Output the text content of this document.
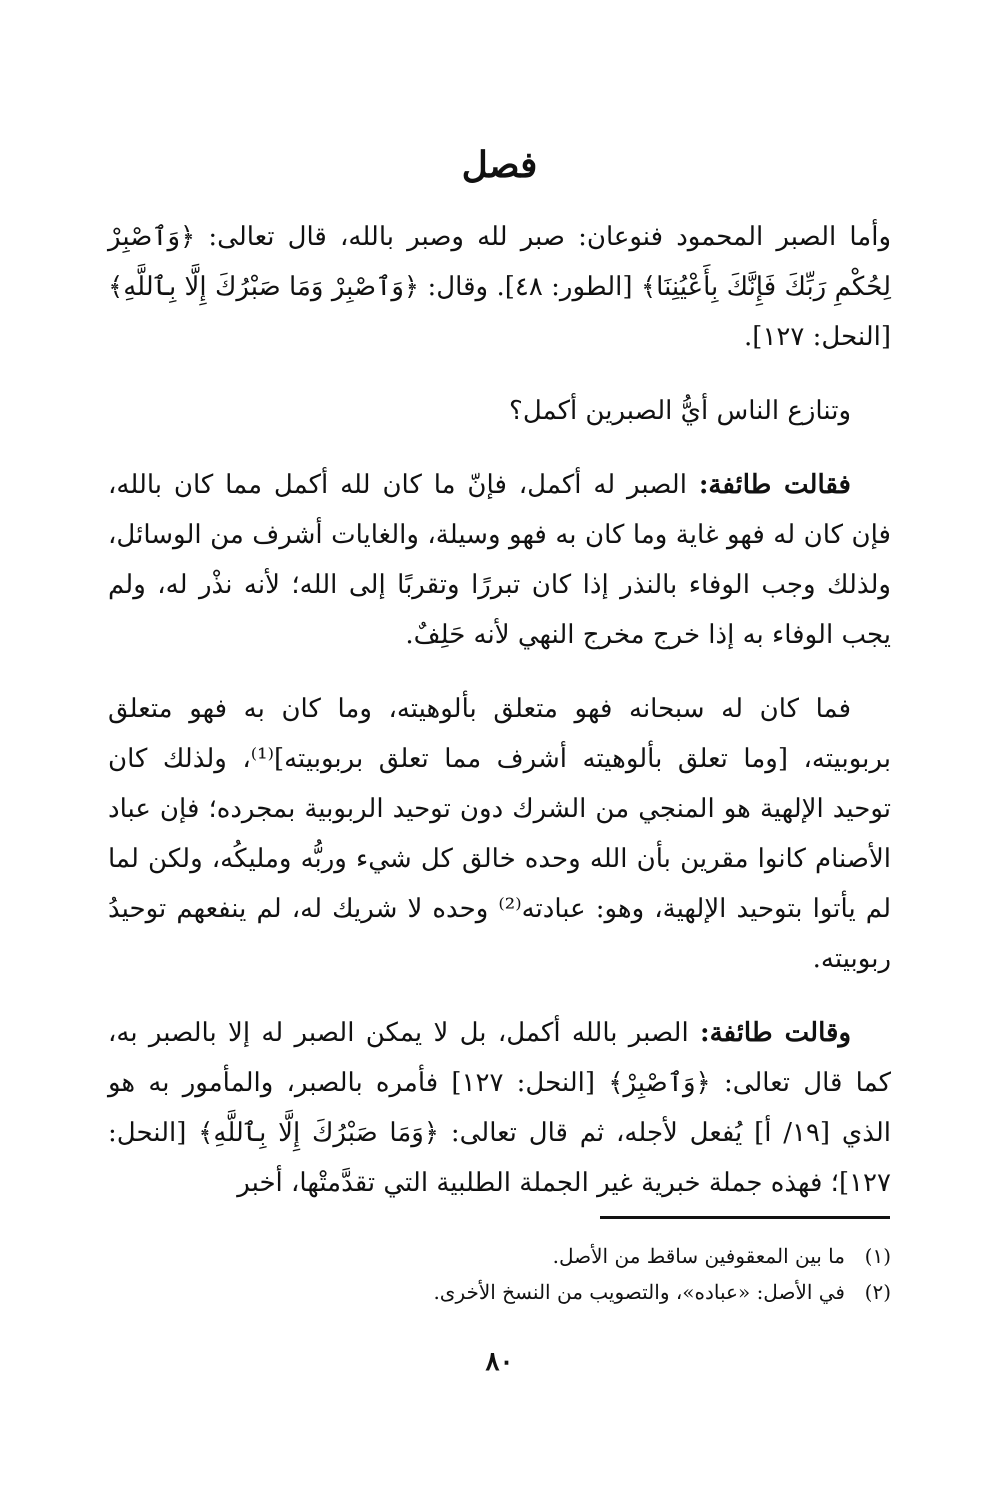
فصل

وأما الصبر المحمود فنوعان: صبر لله وصبر بالله، قال تعالى: ﴿وَٱصْبِرْ لِحُكْمِ رَبِّكَ فَإِنَّكَ بِأَعْيُنِنَا﴾ [الطور: ٤٨]. وقال: ﴿وَٱصْبِرْ وَمَا صَبْرُكَ إِلَّا بِٱللَّهِ﴾ [النحل: ١٢٧].

وتنازع الناس أيُّ الصبرين أكمل؟

فقالت طائفة: الصبر له أكمل، فإنّ ما كان لله أكمل مما كان بالله، فإن كان له فهو غاية وما كان به فهو وسيلة، والغايات أشرف من الوسائل، ولذلك وجب الوفاء بالنذر إذا كان تبررًا وتقربًا إلى الله؛ لأنه نذْر له، ولم يجب الوفاء به إذا خرج مخرج النهي لأنه حَلِفٌ.

فما كان له سبحانه فهو متعلق بألوهيته، وما كان به فهو متعلق بربوبيته، [وما تعلق بألوهيته أشرف مما تعلق بربوبيته]⁽¹⁾، ولذلك كان توحيد الإلهية هو المنجي من الشرك دون توحيد الربوبية بمجرده؛ فإن عباد الأصنام كانوا مقرين بأن الله وحده خالق كل شيء وربُّه ومليكُه، ولكن لما لم يأتوا بتوحيد الإلهية، وهو: عبادته⁽²⁾ وحده لا شريك له، لم ينفعهم توحيدُ ربوبيته.

وقالت طائفة: الصبر بالله أكمل، بل لا يمكن الصبر له إلا بالصبر به، كما قال تعالى: ﴿وَٱصْبِرْ﴾ [النحل: ١٢٧] فأمره بالصبر، والمأمور به هو الذي [١٩/ أ] يُفعل لأجله، ثم قال تعالى: ﴿وَمَا صَبْرُكَ إِلَّا بِٱللَّهِ﴾ [النحل: ١٢٧]؛ فهذه جملة خبرية غير الجملة الطلبية التي تقدَّمتْها، أخبر

(١)
ما بين المعقوفين ساقط من الأصل.
(٢)
في الأصل: «عباده»، والتصويب من النسخ الأخرى.
٨٠
